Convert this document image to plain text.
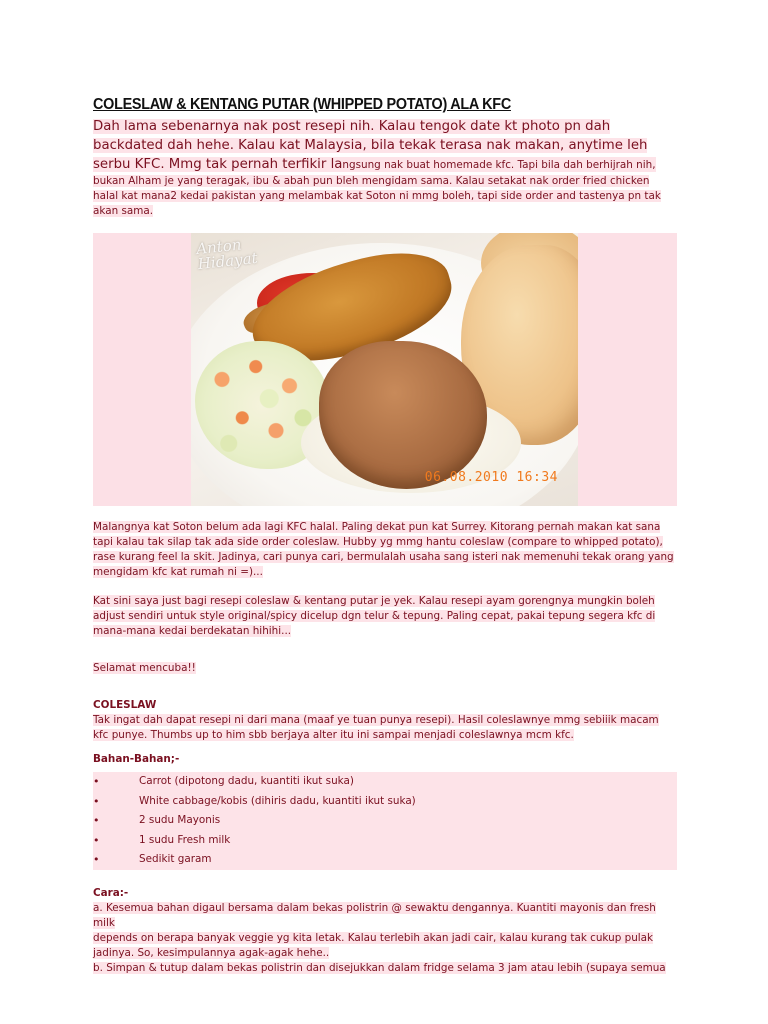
COLESLAW & KENTANG PUTAR (WHIPPED POTATO) ALA KFC
Dah lama sebenarnya nak post resepi nih. Kalau tengok date kt photo pn dah
backdated dah hehe. Kalau kat Malaysia, bila tekak terasa nak makan, anytime leh
serbu KFC. Mmg tak pernah terfikir langsung nak buat homemade kfc. Tapi bila dah berhijrah nih,
bukan Alham je yang teragak, ibu & abah pun bleh mengidam sama. Kalau setakat nak order fried chicken
halal kat mana2 kedai pakistan yang melambak kat Soton ni mmg boleh, tapi side order and tastenya pn tak
akan sama.
Anton
Hidayat
06.08.2010 16:34
Malangnya kat Soton belum ada lagi KFC halal. Paling dekat pun kat Surrey. Kitorang pernah makan kat sana
tapi kalau tak silap tak ada side order coleslaw. Hubby yg mmg hantu coleslaw (compare to whipped potato),
rase kurang feel la skit. Jadinya, cari punya cari, bermulalah usaha sang isteri nak memenuhi tekak orang yang
mengidam kfc kat rumah ni =)...
Kat sini saya just bagi resepi coleslaw & kentang putar je yek. Kalau resepi ayam gorengnya mungkin boleh
adjust sendiri untuk style original/spicy dicelup dgn telur & tepung. Paling cepat, pakai tepung segera kfc di
mana-mana kedai berdekatan hihihi...
Selamat mencuba!!
COLESLAW
Tak ingat dah dapat resepi ni dari mana (maaf ye tuan punya resepi). Hasil coleslawnye mmg sebiiik macam
kfc punye. Thumbs up to him sbb berjaya alter itu ini sampai menjadi coleslawnya mcm kfc.
Bahan-Bahan;-
•	Carrot (dipotong dadu, kuantiti ikut suka)
•	White cabbage/kobis (dihiris dadu, kuantiti ikut suka)
•	2 sudu Mayonis
•	1 sudu Fresh milk
•	Sedikit garam
Cara:-
a. Kesemua bahan digaul bersama dalam bekas polistrin @ sewaktu dengannya. Kuantiti mayonis dan fresh milk
depends on berapa banyak veggie yg kita letak. Kalau terlebih akan jadi cair, kalau kurang tak cukup pulak
jadinya. So, kesimpulannya agak-agak hehe..
b. Simpan & tutup dalam bekas polistrin dan disejukkan dalam fridge selama 3 jam atau lebih (supaya semua
